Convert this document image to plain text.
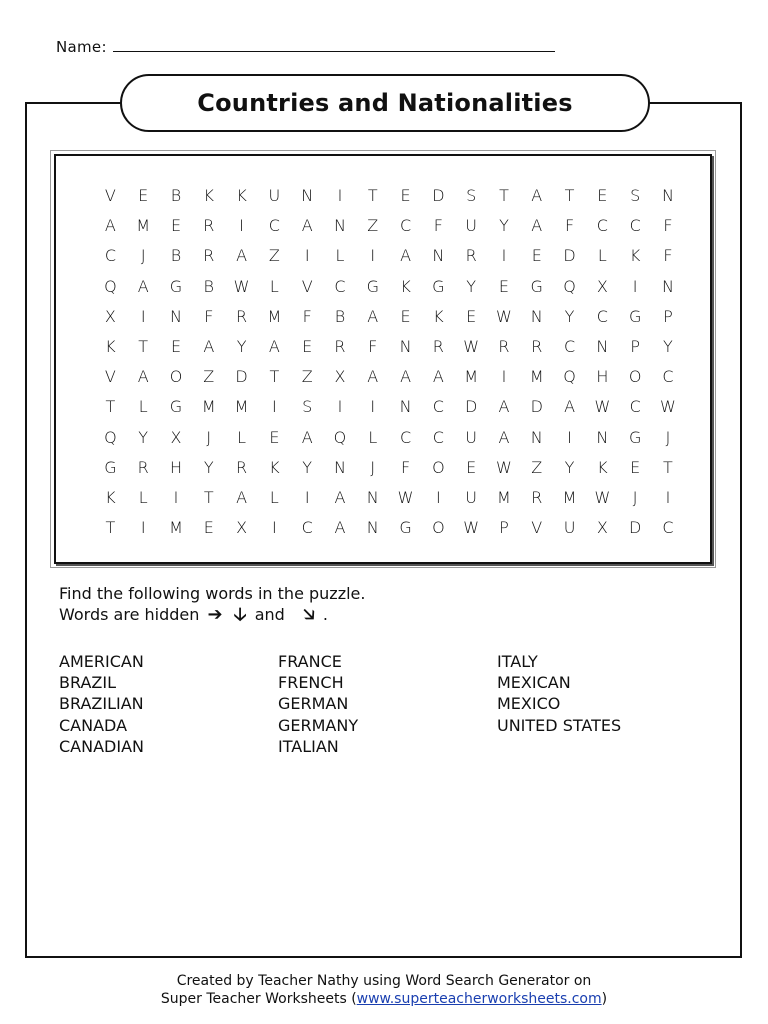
Name:
Countries and Nationalities
V	E	B	K	K	U	N	I	T	E	D	S	T	A	T	E	S	N
A	M	E	R	I	C	A	N	Z	C	F	U	Y	A	F	C	C	F
C	J	B	R	A	Z	I	L	I	A	N	R	I	E	D	L	K	F
Q	A	G	B	W	L	V	C	G	K	G	Y	E	G	Q	X	I	N
X	I	N	F	R	M	F	B	A	E	K	E	W	N	Y	C	G	P
K	T	E	A	Y	A	E	R	F	N	R	W	R	R	C	N	P	Y
V	A	O	Z	D	T	Z	X	A	A	A	M	I	M	Q	H	O	C
T	L	G	M	M	I	S	I	I	N	C	D	A	D	A	W	C	W
Q	Y	X	J	L	E	A	Q	L	C	C	U	A	N	I	N	G	J
G	R	H	Y	R	K	Y	N	J	F	O	E	W	Z	Y	K	E	T
K	L	I	T	A	L	I	A	N	W	I	U	M	R	M	W	J	I
T	I	M	E	X	I	C	A	N	G	O	W	P	V	U	X	D	C
Find the following words in the puzzle.
Words are hidden ➔ 🡣 and 🡦 .
AMERICAN
BRAZIL
BRAZILIAN
CANADA
CANADIAN
FRANCE
FRENCH
GERMAN
GERMANY
ITALIAN
ITALY
MEXICAN
MEXICO
UNITED STATES
Created by Teacher Nathy using Word Search Generator on
Super Teacher Worksheets (www.superteacherworksheets.com)
